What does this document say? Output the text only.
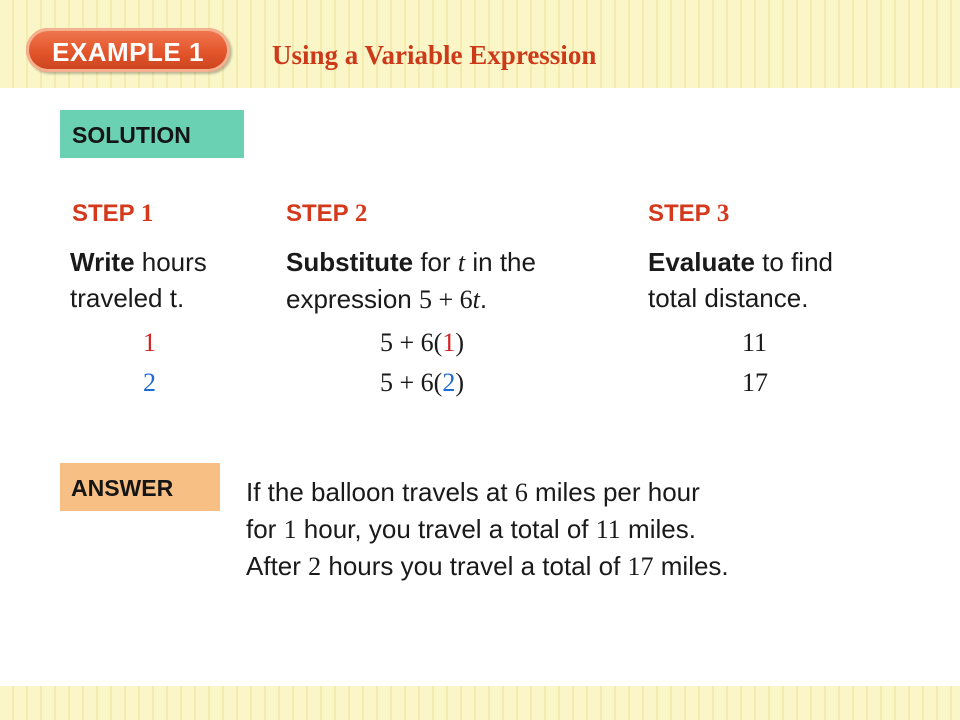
EXAMPLE 1	Using a Variable Expression
SOLUTION
STEP 1
Write hours
traveled t.
1
2
STEP 2
Substitute for t in the
expression 5 + 6t.
5 + 6(1)
5 + 6(2)
STEP 3
Evaluate to find
total distance.
11
17
ANSWER	If the balloon travels at 6 miles per hour
for 1 hour, you travel a total of 11 miles.
After 2 hours you travel a total of 17 miles.
